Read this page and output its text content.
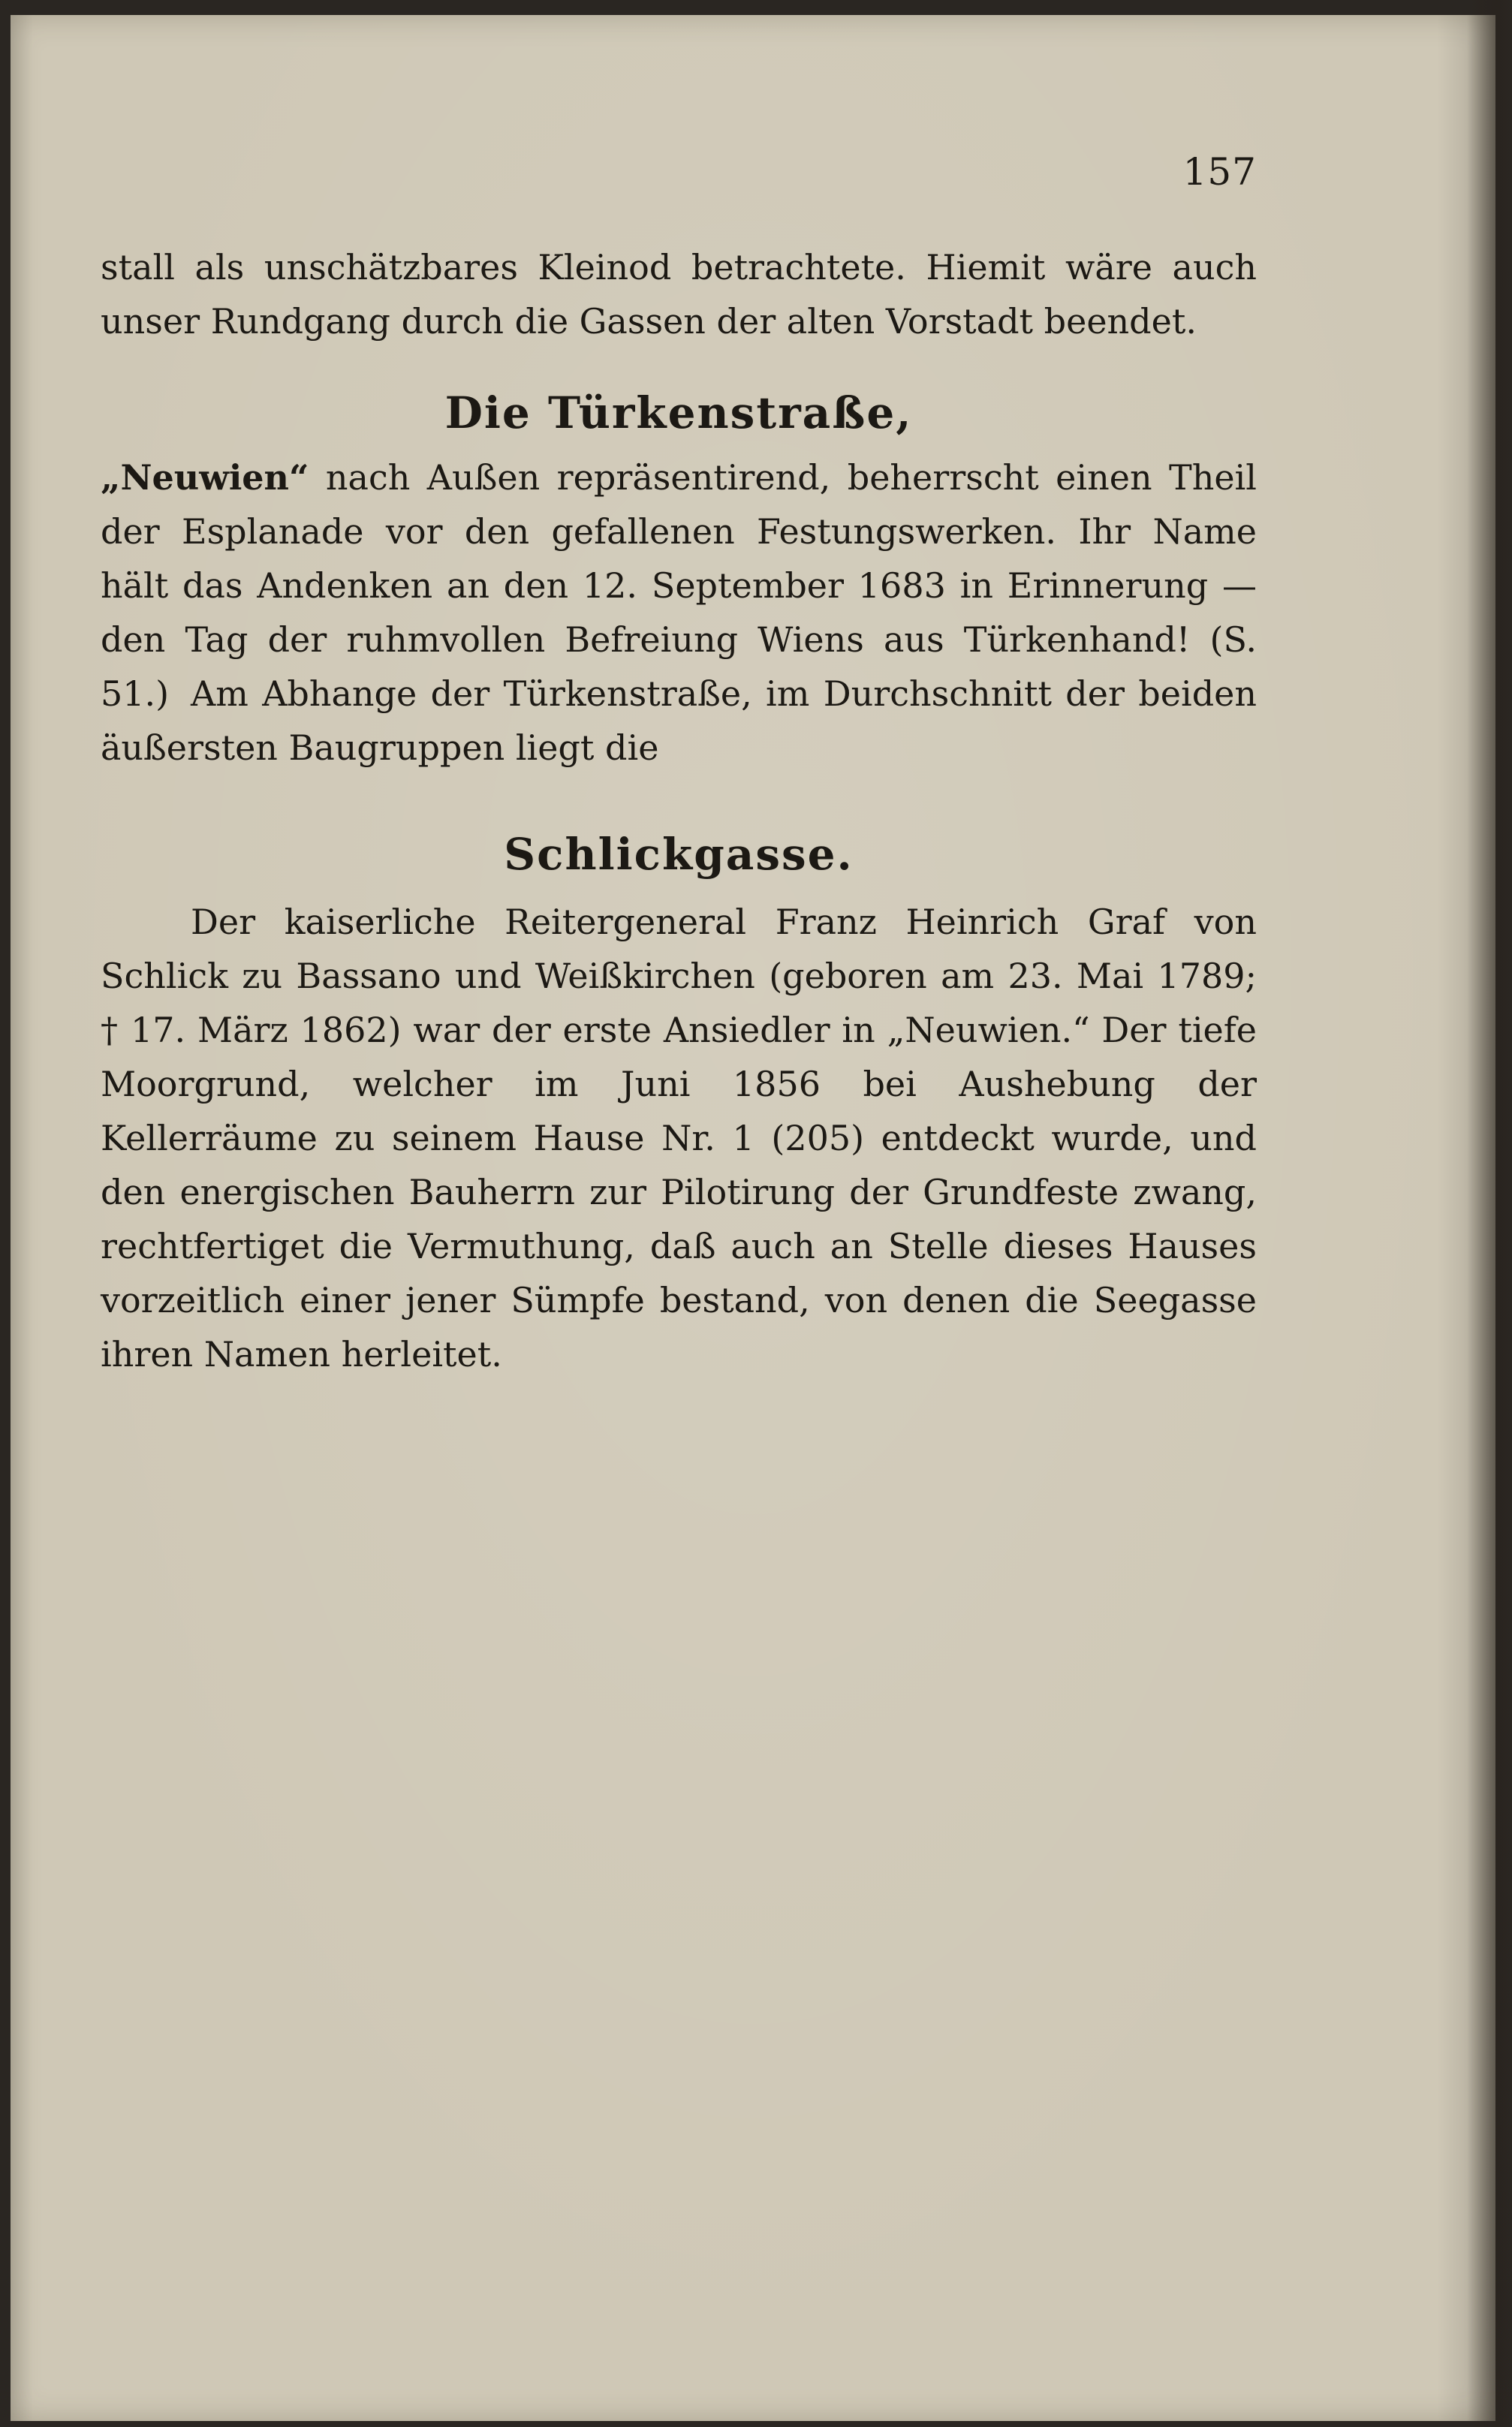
157

stall als unschätzbares Kleinod betrachtete. Hiemit wäre auch unser Rundgang durch die Gassen der alten Vorstadt beendet.

Die Türkenstraße,

„Neuwien“ nach Außen repräsentirend, beherrscht einen Theil der Esplanade vor den gefallenen Festungswerken. Ihr Name hält das Andenken an den 12. September 1683 in Erinnerung — den Tag der ruhmvollen Befreiung Wiens aus Türkenhand! (S. 51.) Am Abhange der Türkenstraße, im Durchschnitt der beiden äußersten Baugruppen liegt die

Schlickgasse.

Der kaiserliche Reitergeneral Franz Heinrich Graf von Schlick zu Bassano und Weißkirchen (geboren am 23. Mai 1789; † 17. März 1862) war der erste Ansiedler in „Neuwien.“ Der tiefe Moorgrund, welcher im Juni 1856 bei Aushebung der Kellerräume zu seinem Hause Nr. 1 (205) entdeckt wurde, und den energischen Bauherrn zur Pilotirung der Grundfeste zwang, rechtfertiget die Vermuthung, daß auch an Stelle dieses Hauses vorzeitlich einer jener Sümpfe bestand, von denen die Seegasse ihren Namen herleitet.
